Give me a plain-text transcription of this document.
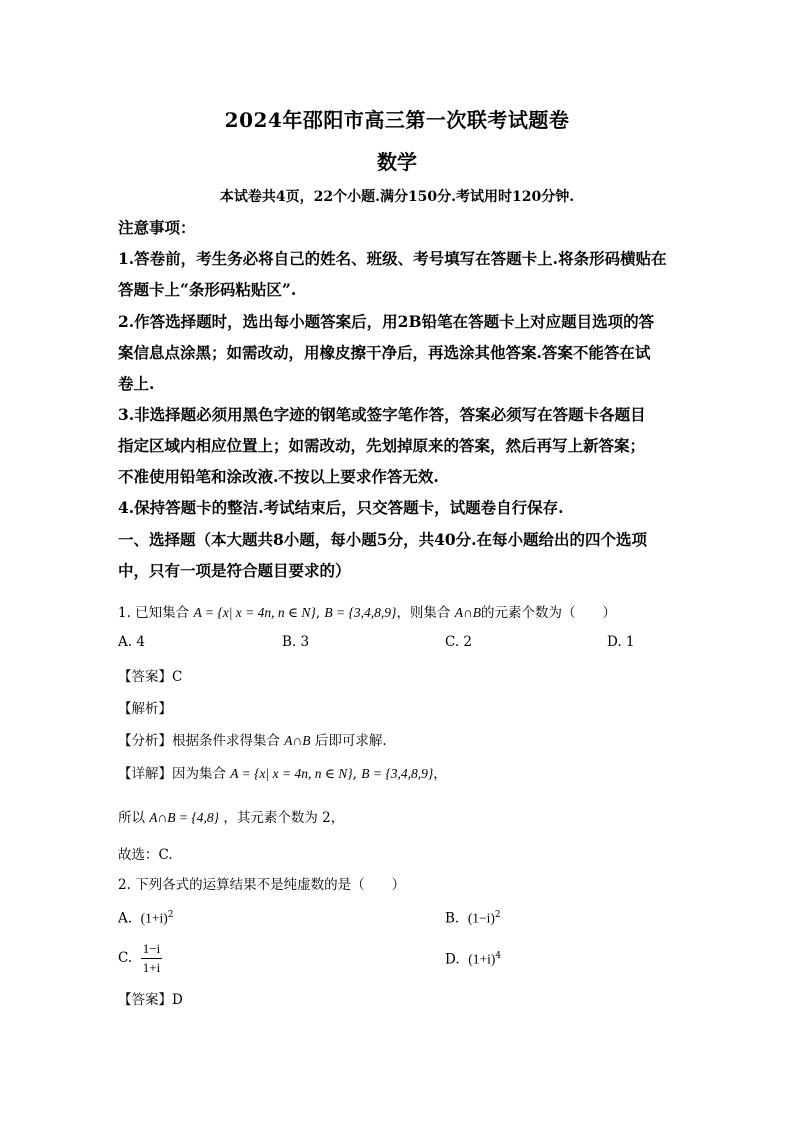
2024年邵阳市高三第一次联考试题卷
数学
本试卷共4页，22个小题.满分150分.考试用时120分钟.
注意事项：
1.答卷前，考生务必将自己的姓名、班级、考号填写在答题卡上.将条形码横贴在
答题卡上“条形码粘贴区”.
2.作答选择题时，选出每小题答案后，用2B铅笔在答题卡上对应题目选项的答
案信息点涂黑；如需改动，用橡皮擦干净后，再选涂其他答案.答案不能答在试
卷上.
3.非选择题必须用黑色字迹的钢笔或签字笔作答，答案必须写在答题卡各题目
指定区域内相应位置上；如需改动，先划掉原来的答案，然后再写上新答案；
不准使用铅笔和涂改液.不按以上要求作答无效.
4.保持答题卡的整洁.考试结束后，只交答题卡，试题卷自行保存.
一、选择题（本大题共8小题，每小题5分，共40分.在每小题给出的四个选项
中，只有一项是符合题目要求的）
1. 已知集合 A = {x| x = 4n, n ∈ N}, B = {3,4,8,9}，则集合 A∩B的元素个数为（　　）
A. 4	B. 3	C. 2	D. 1
【答案】C
【解析】
【分析】根据条件求得集合 A∩B 后即可求解.
【详解】因为集合 A = {x| x = 4n, n ∈ N}, B = {3,4,8,9}，
所以 A∩B = {4,8} ，其元素个数为 2，
故选：C.
2. 下列各式的运算结果不是纯虚数的是（　　）
A. $(1+i)^2$	B. $(1-i)^2$
C. $\frac{1-i}{1+i}$	D. $(1+i)^4$
【答案】D
